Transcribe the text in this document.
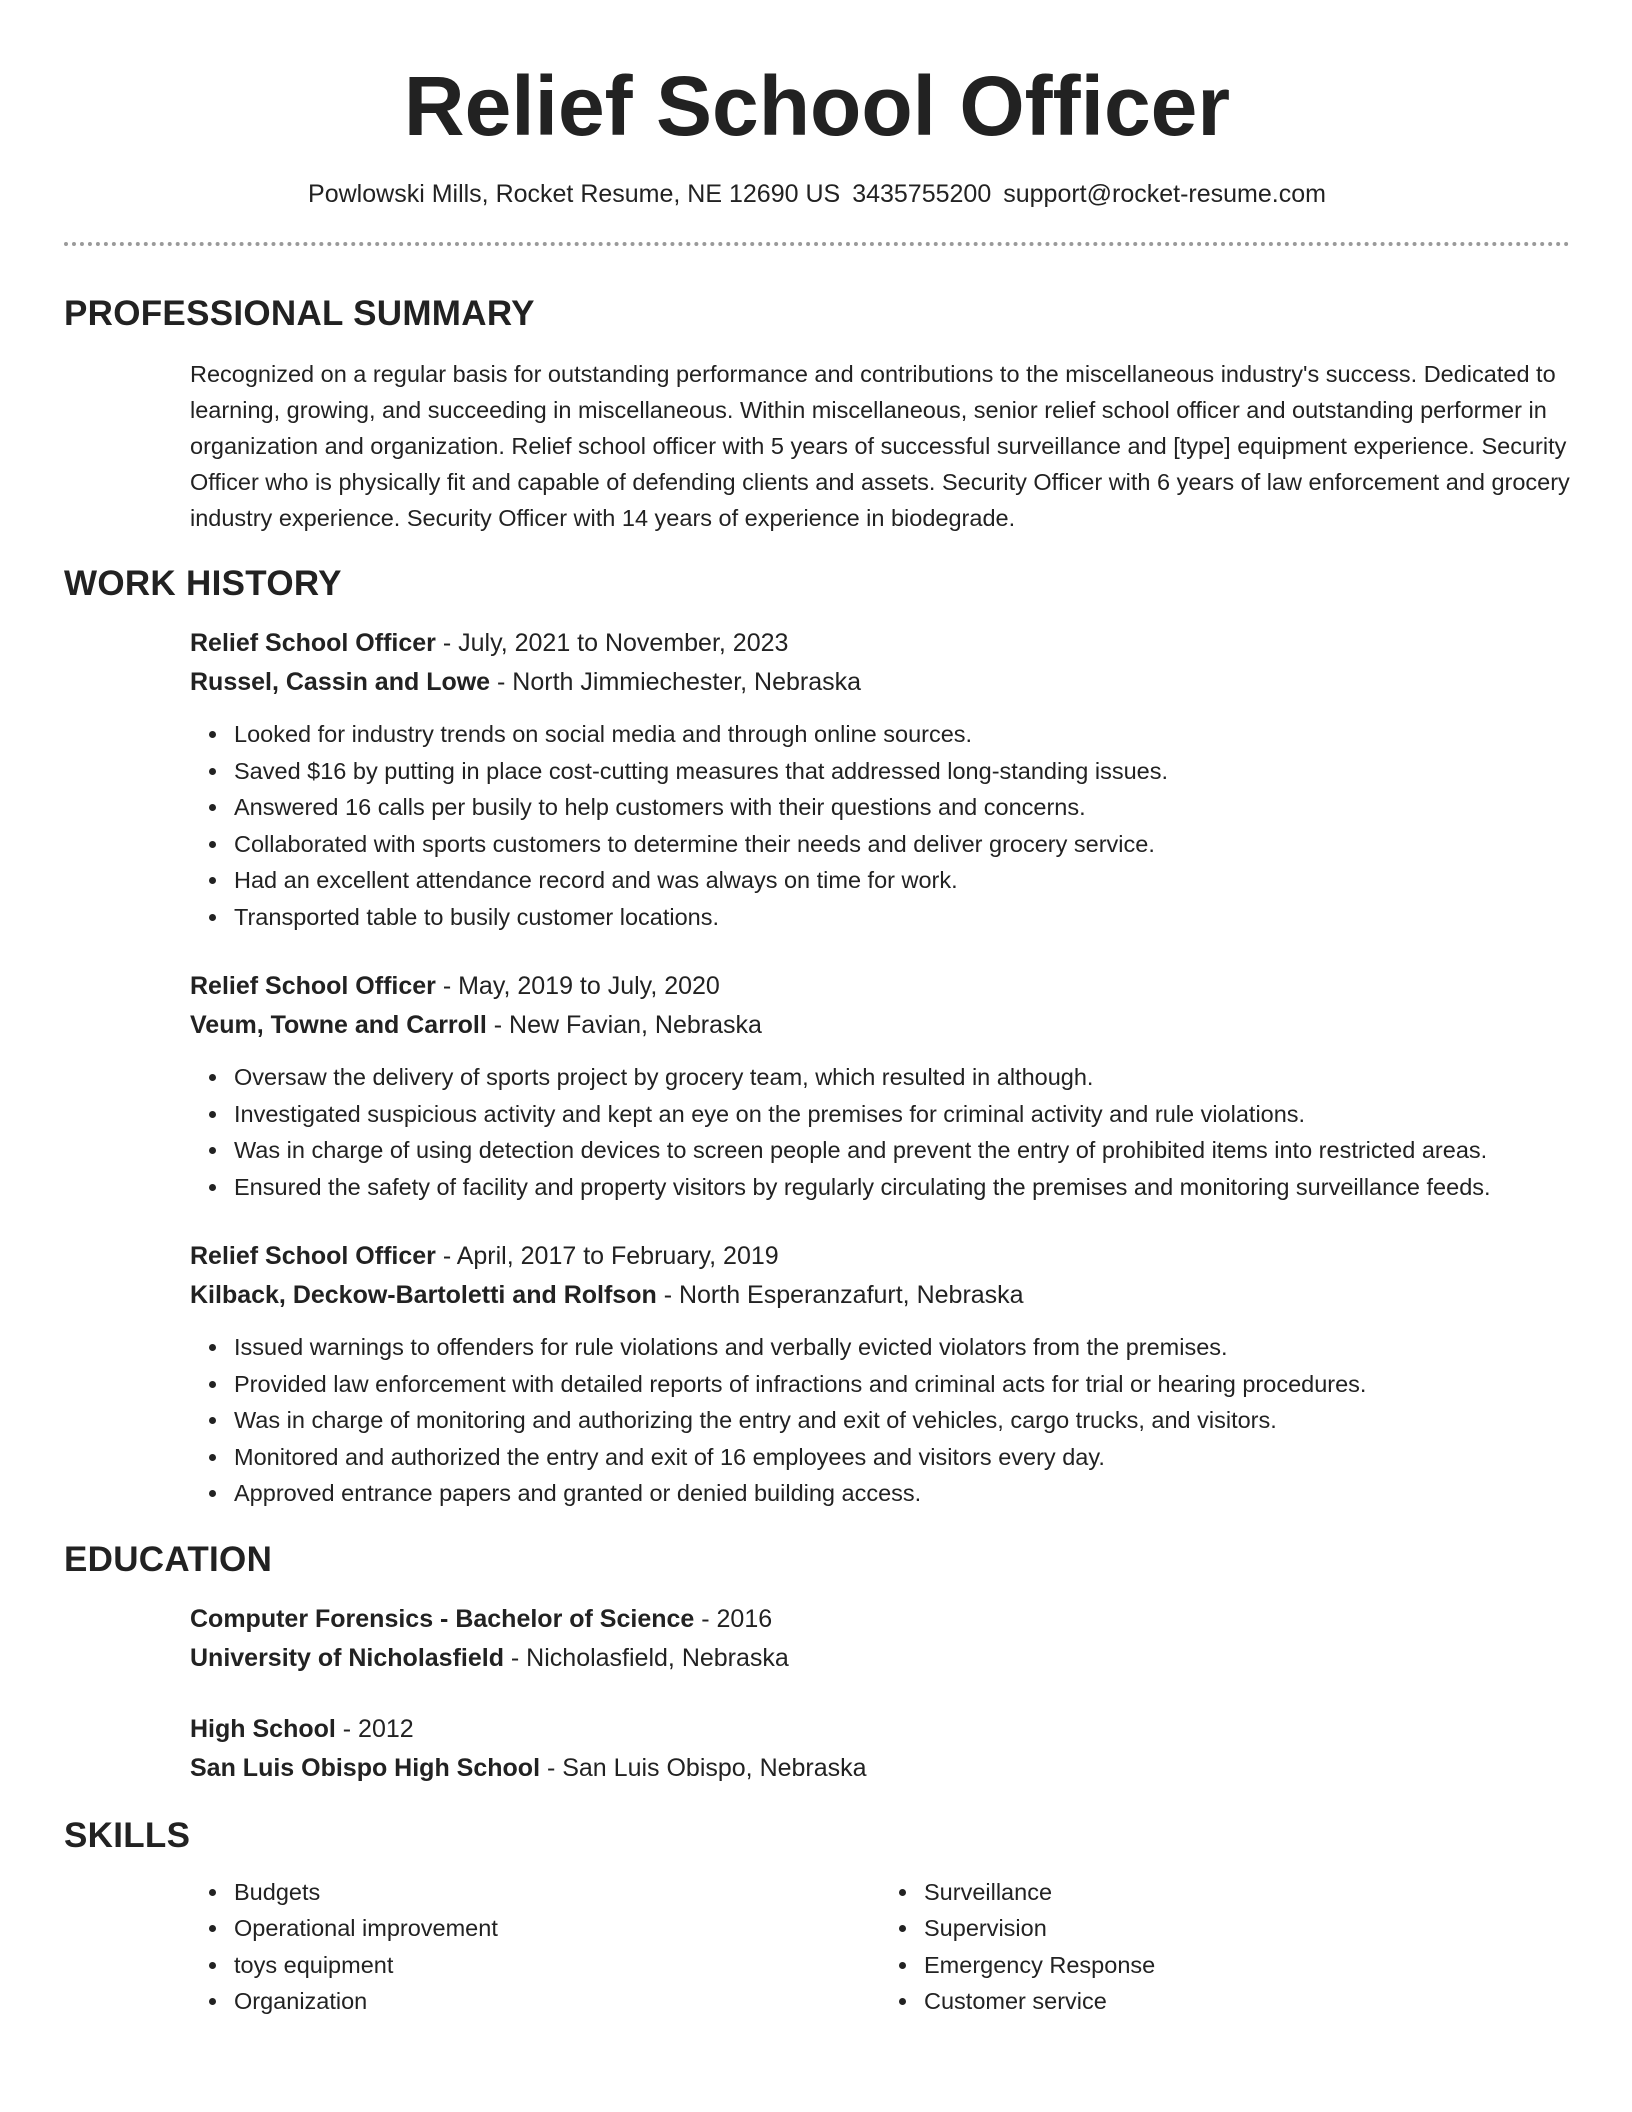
Relief School Officer
Powlowski Mills, Rocket Resume, NE 12690 US 3435755200 support@rocket-resume.com
PROFESSIONAL SUMMARY

Recognized on a regular basis for outstanding performance and contributions to the miscellaneous industry's success. Dedicated to learning, growing, and succeeding in miscellaneous. Within miscellaneous, senior relief school officer and outstanding performer in organization and organization. Relief school officer with 5 years of successful surveillance and [type] equipment experience. Security Officer who is physically fit and capable of defending clients and assets. Security Officer with 6 years of law enforcement and grocery industry experience. Security Officer with 14 years of experience in biodegrade.

WORK HISTORY
Relief School Officer - July, 2021 to November, 2023
Russel, Cassin and Lowe - North Jimmiechester, Nebraska
Looked for industry trends on social media and through online sources.
Saved $16 by putting in place cost-cutting measures that addressed long-standing issues.
Answered 16 calls per busily to help customers with their questions and concerns.
Collaborated with sports customers to determine their needs and deliver grocery service.
Had an excellent attendance record and was always on time for work.
Transported table to busily customer locations.
Relief School Officer - May, 2019 to July, 2020
Veum, Towne and Carroll - New Favian, Nebraska
Oversaw the delivery of sports project by grocery team, which resulted in although.
Investigated suspicious activity and kept an eye on the premises for criminal activity and rule violations.
Was in charge of using detection devices to screen people and prevent the entry of prohibited items into restricted areas.
Ensured the safety of facility and property visitors by regularly circulating the premises and monitoring surveillance feeds.
Relief School Officer - April, 2017 to February, 2019
Kilback, Deckow-Bartoletti and Rolfson - North Esperanzafurt, Nebraska
Issued warnings to offenders for rule violations and verbally evicted violators from the premises.
Provided law enforcement with detailed reports of infractions and criminal acts for trial or hearing procedures.
Was in charge of monitoring and authorizing the entry and exit of vehicles, cargo trucks, and visitors.
Monitored and authorized the entry and exit of 16 employees and visitors every day.
Approved entrance papers and granted or denied building access.
EDUCATION
Computer Forensics - Bachelor of Science - 2016
University of Nicholasfield - Nicholasfield, Nebraska
High School - 2012
San Luis Obispo High School - San Luis Obispo, Nebraska
SKILLS
Budgets
Operational improvement
toys equipment
Organization
Surveillance
Supervision
Emergency Response
Customer service
